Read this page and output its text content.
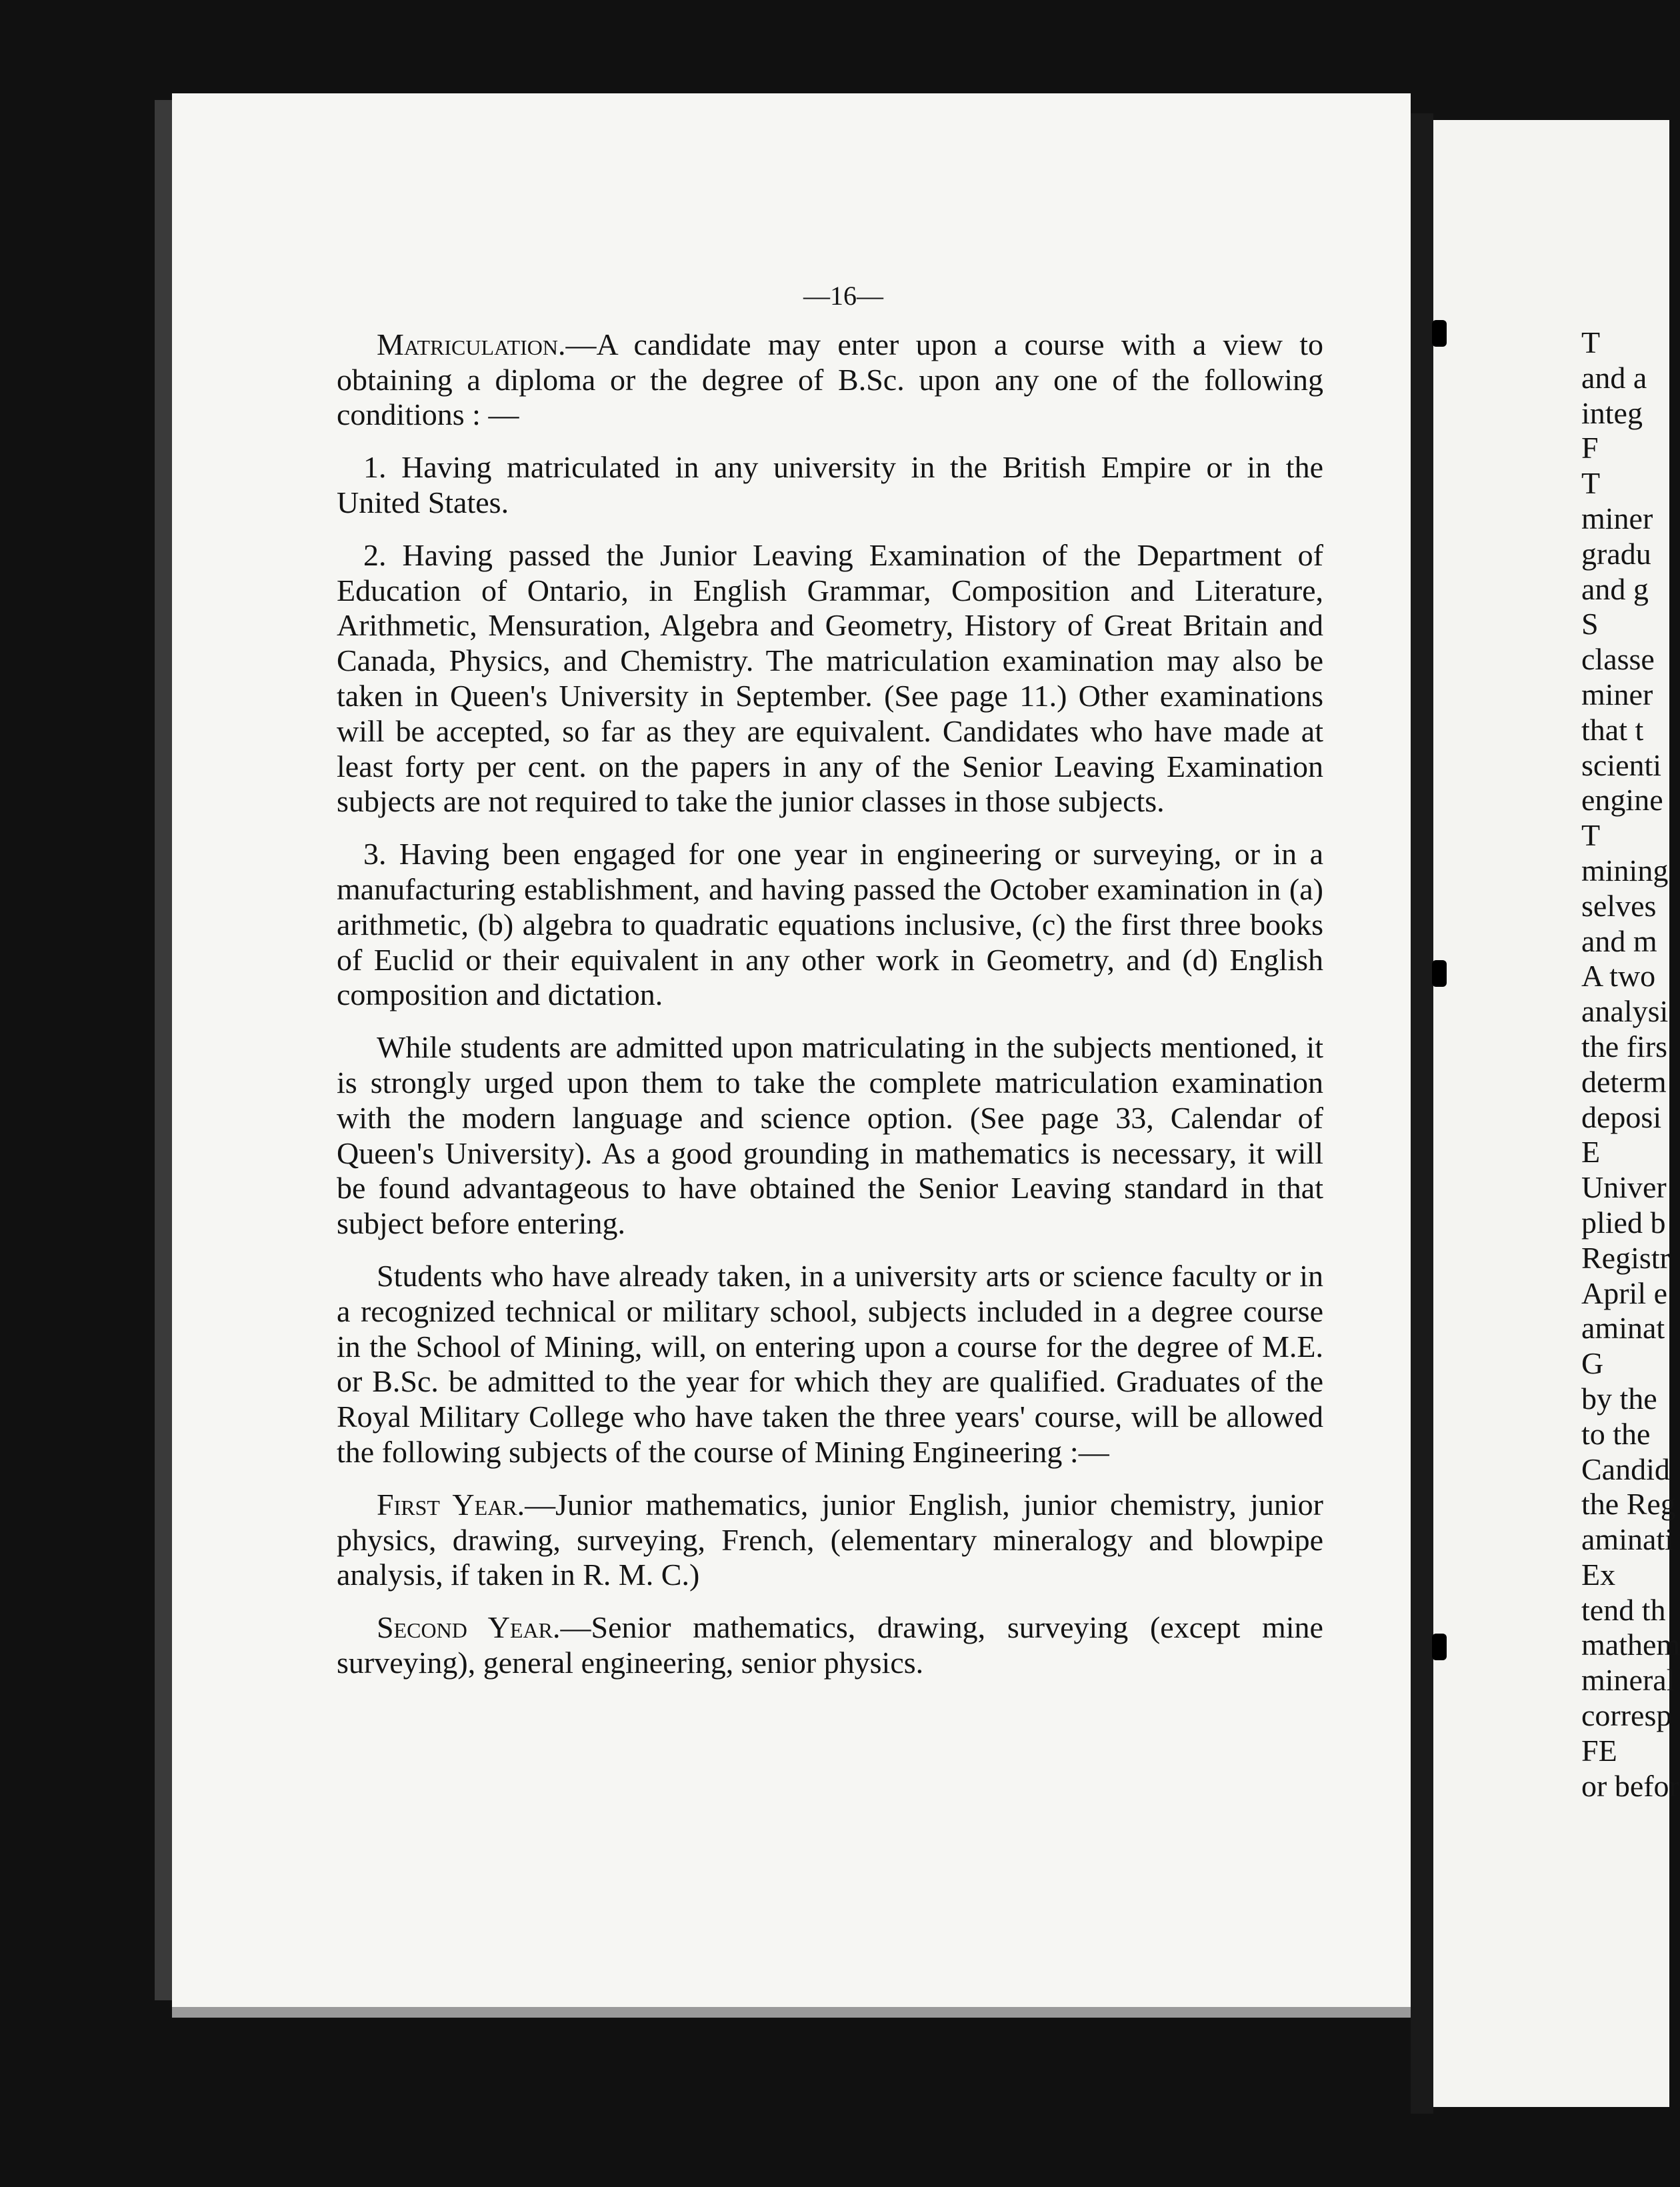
—16—

Matriculation.—A candidate may enter upon a course with a view to obtaining a diploma or the degree of B.Sc. upon any one of the following conditions : —

1. Having matriculated in any university in the British Empire or in the United States.

2. Having passed the Junior Leaving Examination of the Department of Education of Ontario, in English Grammar, Composition and Literature, Arithmetic, Mensuration, Algebra and Geometry, History of Great Britain and Canada, Physics, and Chemistry. The matriculation examination may also be taken in Queen's University in September. (See page 11.) Other examinations will be accepted, so far as they are equivalent. Candidates who have made at least forty per cent. on the papers in any of the Senior Leaving Examination subjects are not required to take the junior classes in those subjects.

3. Having been engaged for one year in engineering or surveying, or in a manufacturing establishment, and having passed the October examination in (a) arithmetic, (b) algebra to quadratic equations inclusive, (c) the first three books of Euclid or their equivalent in any other work in Geometry, and (d) English composition and dictation.

While students are admitted upon matriculating in the subjects mentioned, it is strongly urged upon them to take the complete matriculation examination with the modern language and science option. (See page 33, Calendar of Queen's University). As a good grounding in mathematics is necessary, it will be found advantageous to have obtained the Senior Leaving standard in that subject before entering.

Students who have already taken, in a university arts or science faculty or in a recognized technical or military school, subjects included in a degree course in the School of Mining, will, on entering upon a course for the degree of M.E. or B.Sc. be admitted to the year for which they are qualified. Graduates of the Royal Military College who have taken the three years' course, will be allowed the following subjects of the course of Mining Engineering :—

First Year.—Junior mathematics, junior English, junior chemistry, junior physics, drawing, surveying, French, (elementary mineralogy and blowpipe analysis, if taken in R. M. C.)

Second Year.—Senior mathematics, drawing, surveying (except mine surveying), general engineering, senior physics.

T
and a
integ
F
T
miner
gradu
and g
S
classe
miner
that t
scienti
engine
T
mining
selves
and m
A two
analysi
the firs
determ
deposi
E
Univer
plied b
Registr
April e
aminat
G
by the
to the
Candid
the Reg
aminati
Ex
tend th
mathem
mineral
corresp
FE
or befor
